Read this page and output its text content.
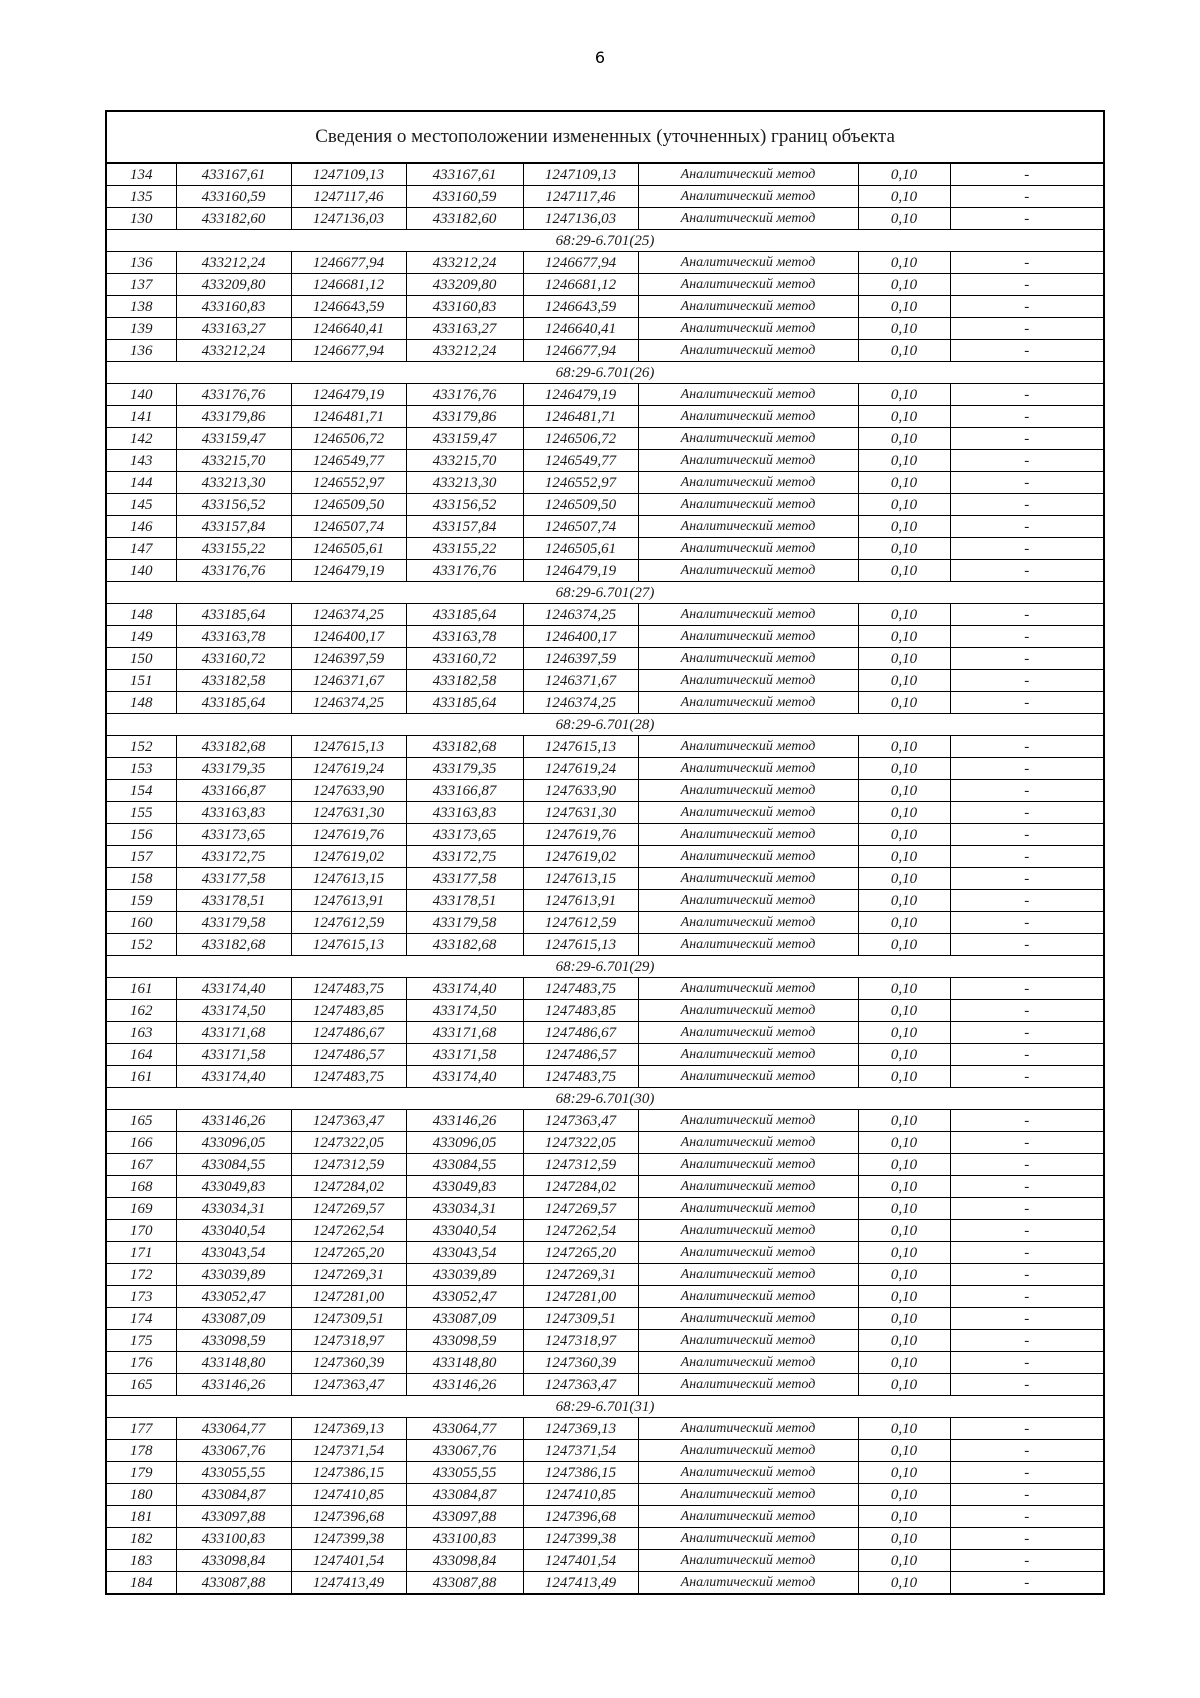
6
Сведения о местоположении измененных (уточненных) границ объекта							
134	433167,61	1247109,13	433167,61	1247109,13	Аналитический метод	0,10	-
135	433160,59	1247117,46	433160,59	1247117,46	Аналитический метод	0,10	-
130	433182,60	1247136,03	433182,60	1247136,03	Аналитический метод	0,10	-
68:29-6.701(25)							
136	433212,24	1246677,94	433212,24	1246677,94	Аналитический метод	0,10	-
137	433209,80	1246681,12	433209,80	1246681,12	Аналитический метод	0,10	-
138	433160,83	1246643,59	433160,83	1246643,59	Аналитический метод	0,10	-
139	433163,27	1246640,41	433163,27	1246640,41	Аналитический метод	0,10	-
136	433212,24	1246677,94	433212,24	1246677,94	Аналитический метод	0,10	-
68:29-6.701(26)							
140	433176,76	1246479,19	433176,76	1246479,19	Аналитический метод	0,10	-
141	433179,86	1246481,71	433179,86	1246481,71	Аналитический метод	0,10	-
142	433159,47	1246506,72	433159,47	1246506,72	Аналитический метод	0,10	-
143	433215,70	1246549,77	433215,70	1246549,77	Аналитический метод	0,10	-
144	433213,30	1246552,97	433213,30	1246552,97	Аналитический метод	0,10	-
145	433156,52	1246509,50	433156,52	1246509,50	Аналитический метод	0,10	-
146	433157,84	1246507,74	433157,84	1246507,74	Аналитический метод	0,10	-
147	433155,22	1246505,61	433155,22	1246505,61	Аналитический метод	0,10	-
140	433176,76	1246479,19	433176,76	1246479,19	Аналитический метод	0,10	-
68:29-6.701(27)							
148	433185,64	1246374,25	433185,64	1246374,25	Аналитический метод	0,10	-
149	433163,78	1246400,17	433163,78	1246400,17	Аналитический метод	0,10	-
150	433160,72	1246397,59	433160,72	1246397,59	Аналитический метод	0,10	-
151	433182,58	1246371,67	433182,58	1246371,67	Аналитический метод	0,10	-
148	433185,64	1246374,25	433185,64	1246374,25	Аналитический метод	0,10	-
68:29-6.701(28)							
152	433182,68	1247615,13	433182,68	1247615,13	Аналитический метод	0,10	-
153	433179,35	1247619,24	433179,35	1247619,24	Аналитический метод	0,10	-
154	433166,87	1247633,90	433166,87	1247633,90	Аналитический метод	0,10	-
155	433163,83	1247631,30	433163,83	1247631,30	Аналитический метод	0,10	-
156	433173,65	1247619,76	433173,65	1247619,76	Аналитический метод	0,10	-
157	433172,75	1247619,02	433172,75	1247619,02	Аналитический метод	0,10	-
158	433177,58	1247613,15	433177,58	1247613,15	Аналитический метод	0,10	-
159	433178,51	1247613,91	433178,51	1247613,91	Аналитический метод	0,10	-
160	433179,58	1247612,59	433179,58	1247612,59	Аналитический метод	0,10	-
152	433182,68	1247615,13	433182,68	1247615,13	Аналитический метод	0,10	-
68:29-6.701(29)							
161	433174,40	1247483,75	433174,40	1247483,75	Аналитический метод	0,10	-
162	433174,50	1247483,85	433174,50	1247483,85	Аналитический метод	0,10	-
163	433171,68	1247486,67	433171,68	1247486,67	Аналитический метод	0,10	-
164	433171,58	1247486,57	433171,58	1247486,57	Аналитический метод	0,10	-
161	433174,40	1247483,75	433174,40	1247483,75	Аналитический метод	0,10	-
68:29-6.701(30)							
165	433146,26	1247363,47	433146,26	1247363,47	Аналитический метод	0,10	-
166	433096,05	1247322,05	433096,05	1247322,05	Аналитический метод	0,10	-
167	433084,55	1247312,59	433084,55	1247312,59	Аналитический метод	0,10	-
168	433049,83	1247284,02	433049,83	1247284,02	Аналитический метод	0,10	-
169	433034,31	1247269,57	433034,31	1247269,57	Аналитический метод	0,10	-
170	433040,54	1247262,54	433040,54	1247262,54	Аналитический метод	0,10	-
171	433043,54	1247265,20	433043,54	1247265,20	Аналитический метод	0,10	-
172	433039,89	1247269,31	433039,89	1247269,31	Аналитический метод	0,10	-
173	433052,47	1247281,00	433052,47	1247281,00	Аналитический метод	0,10	-
174	433087,09	1247309,51	433087,09	1247309,51	Аналитический метод	0,10	-
175	433098,59	1247318,97	433098,59	1247318,97	Аналитический метод	0,10	-
176	433148,80	1247360,39	433148,80	1247360,39	Аналитический метод	0,10	-
165	433146,26	1247363,47	433146,26	1247363,47	Аналитический метод	0,10	-
68:29-6.701(31)							
177	433064,77	1247369,13	433064,77	1247369,13	Аналитический метод	0,10	-
178	433067,76	1247371,54	433067,76	1247371,54	Аналитический метод	0,10	-
179	433055,55	1247386,15	433055,55	1247386,15	Аналитический метод	0,10	-
180	433084,87	1247410,85	433084,87	1247410,85	Аналитический метод	0,10	-
181	433097,88	1247396,68	433097,88	1247396,68	Аналитический метод	0,10	-
182	433100,83	1247399,38	433100,83	1247399,38	Аналитический метод	0,10	-
183	433098,84	1247401,54	433098,84	1247401,54	Аналитический метод	0,10	-
184	433087,88	1247413,49	433087,88	1247413,49	Аналитический метод	0,10	-
